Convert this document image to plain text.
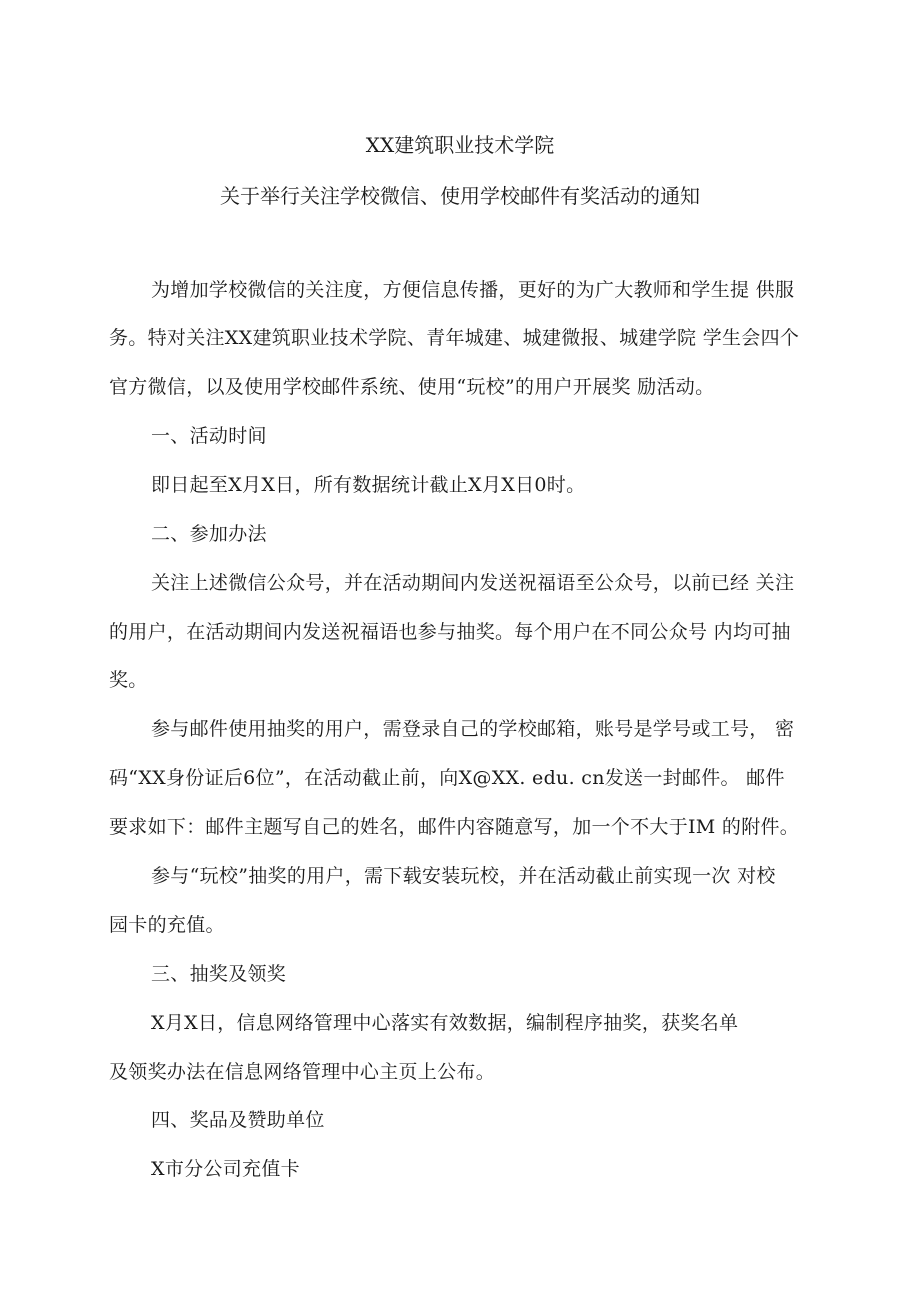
XX建筑职业技术学院
关于举行关注学校微信、使用学校邮件有奖活动的通知
为增加学校微信的关注度，方便信息传播，更好的为广大教师和学生提 供服
务。特对关注XX建筑职业技术学院、青年城建、城建微报、城建学院 学生会四个
官方微信，以及使用学校邮件系统、使用“玩校”的用户开展奖 励活动。
一、活动时间
即日起至X月X日，所有数据统计截止X月X日0时。
二、参加办法
关注上述微信公众号，并在活动期间内发送祝福语至公众号，以前已经 关注
的用户，在活动期间内发送祝福语也参与抽奖。每个用户在不同公众号 内均可抽
奖。
参与邮件使用抽奖的用户，需登录自己的学校邮箱，账号是学号或工号， 密
码“XX身份证后6位”，在活动截止前，向X@XX. edu. cn发送一封邮件。 邮件
要求如下：邮件主题写自己的姓名，邮件内容随意写，加一个不大于IM 的附件。
参与“玩校”抽奖的用户，需下载安装玩校，并在活动截止前实现一次 对校
园卡的充值。
三、抽奖及领奖
X月X日，信息网络管理中心落实有效数据，编制程序抽奖，获奖名单
及领奖办法在信息网络管理中心主页上公布。
四、奖品及赞助单位
X市分公司充值卡
